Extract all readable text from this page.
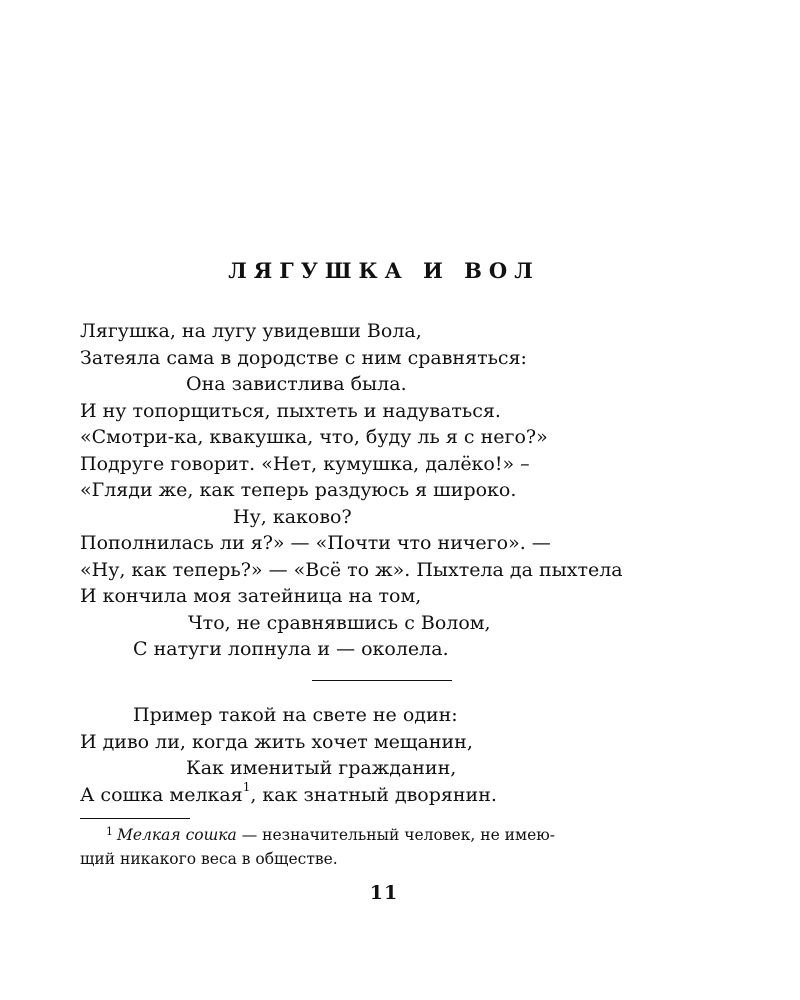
ЛЯГУШКА И ВОЛ
Лягушка, на лугу увидевши Вола,
Затеяла сама в дородстве с ним сравняться:
Она завистлива была.
И ну топорщиться, пыхтеть и надуваться.
«Смотри-ка, квакушка, что, буду ль я с него?»
Подруге говорит. «Нет, кумушка, далёко!» –
«Гляди же, как теперь раздуюсь я широко.
Ну, каково?
Пополнилась ли я?» — «Почти что ничего». —
«Ну, как теперь?» — «Всё то ж». Пыхтела да пыхтела
И кончила моя затейница на том,
Что, не сравнявшись с Волом,
С натуги лопнула и — околела.
Пример такой на свете не один:
И диво ли, когда жить хочет мещанин,
Как именитый гражданин,
А сошка мелкая$^1$, как знатный дворянин.
$^1$ Мелкая сошка — незначительный человек, не имею-
щий никакого веса в обществе.
11
